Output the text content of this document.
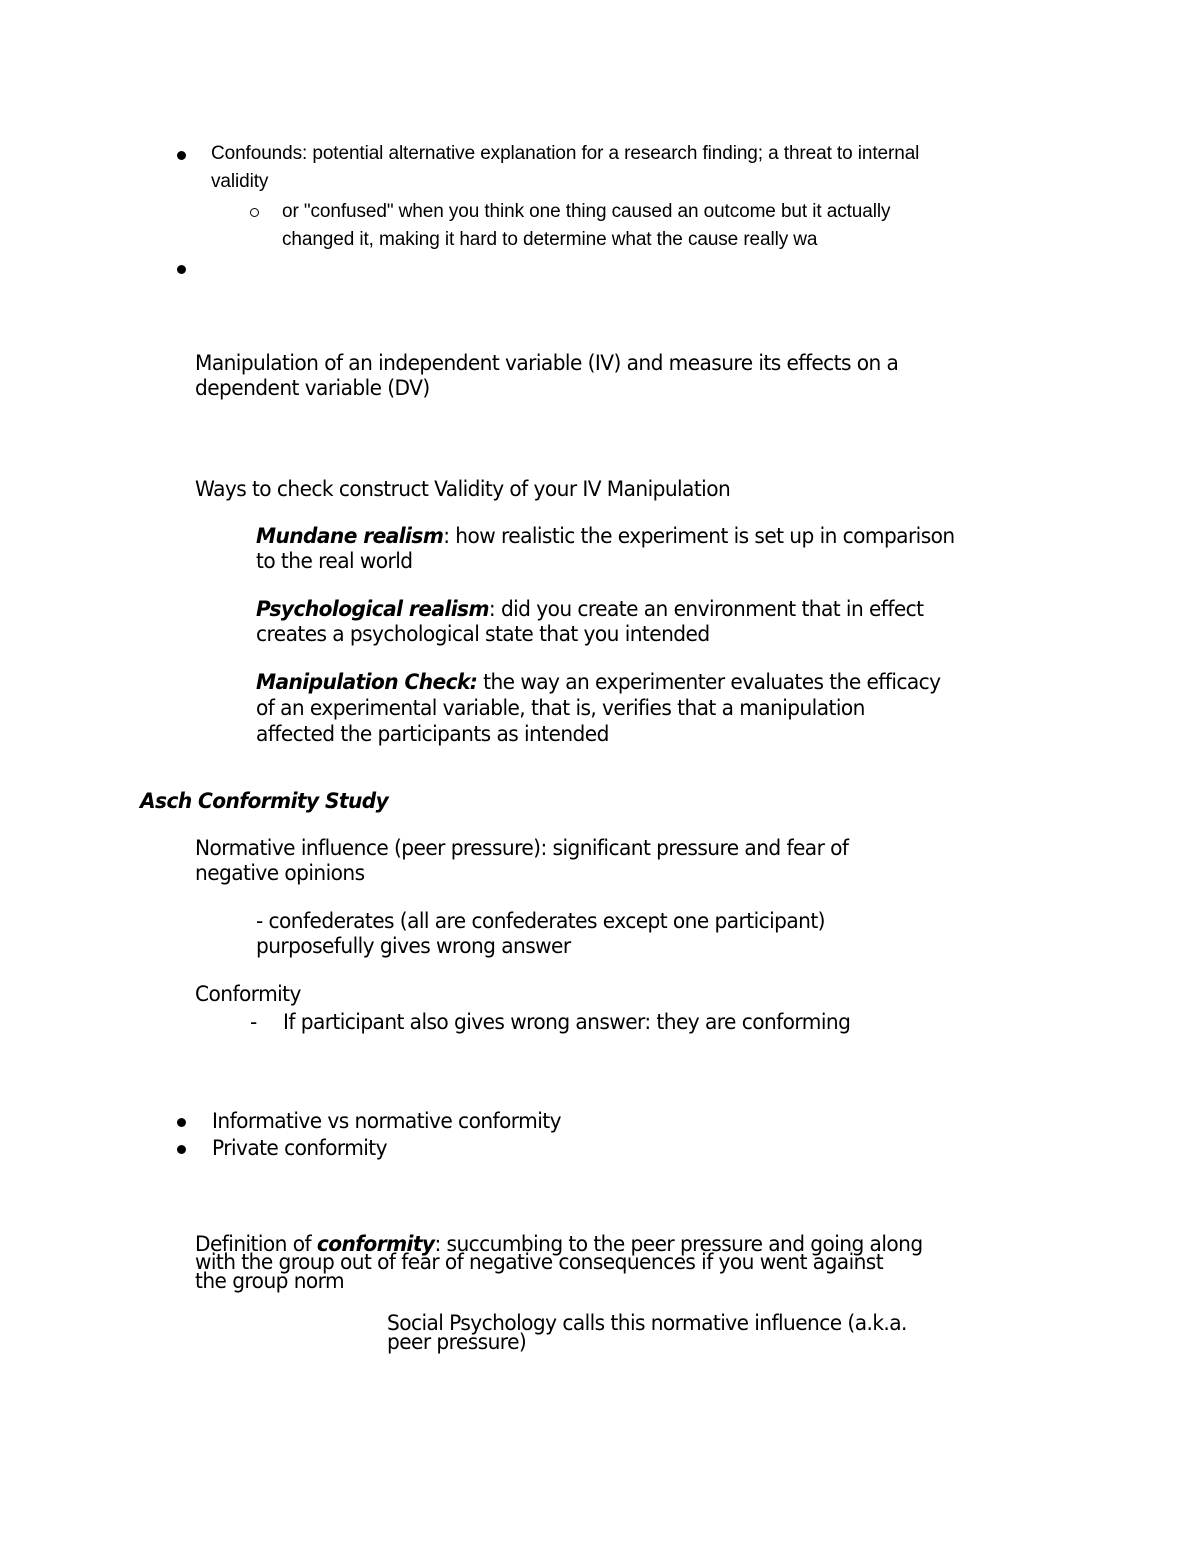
Confounds: potential alternative explanation for a research finding; a threat to internal
validity
or "confused" when you think one thing caused an outcome but it actually
changed it, making it hard to determine what the cause really wa
Manipulation of an independent variable (IV) and measure its effects on a
dependent variable (DV)
Ways to check construct Validity of your IV Manipulation
Mundane realism: how realistic the experiment is set up in comparison
to the real world
Psychological realism: did you create an environment that in effect
creates a psychological state that you intended
Manipulation Check: the way an experimenter evaluates the efficacy
of an experimental variable, that is, verifies that a manipulation
affected the participants as intended
Asch Conformity Study
Normative influence (peer pressure): significant pressure and fear of
negative opinions
- confederates (all are confederates except one participant)
purposefully gives wrong answer
Conformity
- If participant also gives wrong answer: they are conforming
Informative vs normative conformity
Private conformity
Definition of conformity: succumbing to the peer pressure and going along
with the group out of fear of negative consequences if you went against
the group norm
Social Psychology calls this normative influence (a.k.a.
peer pressure)
